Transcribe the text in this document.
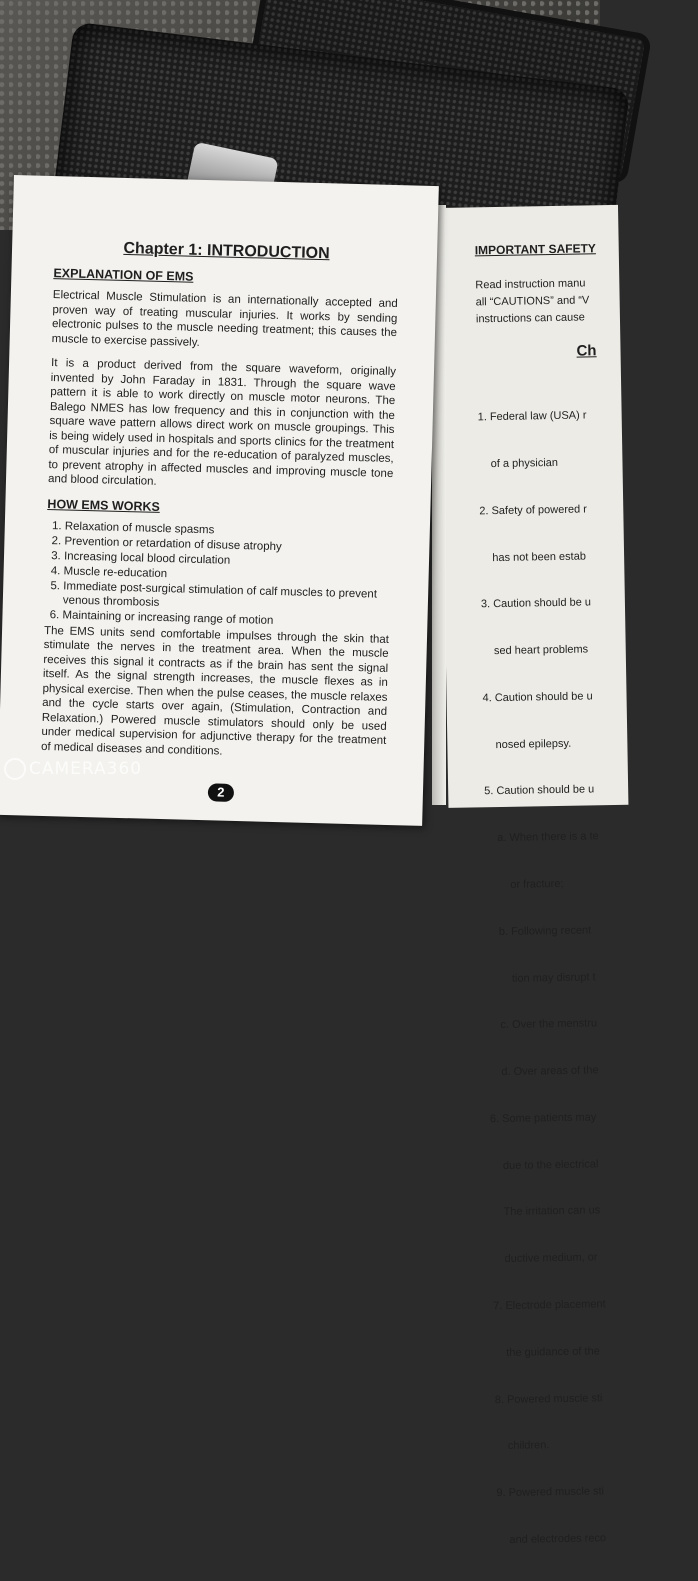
IMPORTANT SAFETY
Read instruction manu
all “CAUTIONS” and “V
instructions can cause
Ch

1. Federal law (USA) r

of a physician

2. Safety of powered r

has not been estab

3. Caution should be u

sed heart problems

4. Caution should be u

nosed epilepsy.

5. Caution should be u

a. When there is a te

or fracture;

b. Following recent

tion may disrupt t

c. Over the menstru

d. Over areas of the

6. Some patients may

due to the electrical

The irritation can us

ductive medium, or

7. Electrode placement

the guidance of the

8. Powered muscle sti

children.

9. Powered muscle sti

and electrodes reco

Chapter 1: INTRODUCTION
EXPLANATION OF EMS

Electrical Muscle Stimulation is an internationally accepted and proven way of treating muscular injuries. It works by sending electronic pulses to the muscle needing treatment; this causes the muscle to exercise passively.

It is a product derived from the square waveform, originally invented by John Faraday in 1831. Through the square wave pattern it is able to work directly on muscle motor neurons. The Balego NMES has low frequency and this in conjunction with the square wave pattern allows direct work on muscle groupings. This is being widely used in hospitals and sports clinics for the treatment of muscular injuries and for the re-education of paralyzed muscles, to prevent atrophy in affected muscles and improving muscle tone and blood circulation.

HOW EMS WORKS
1. Relaxation of muscle spasms
2. Prevention or retardation of disuse atrophy
3. Increasing local blood circulation
4. Muscle re-education
5. Immediate post-surgical stimulation of calf muscles to prevent venous thrombosis
6. Maintaining or increasing range of motion

The EMS units send comfortable impulses through the skin that stimulate the nerves in the treatment area. When the muscle receives this signal it contracts as if the brain has sent the signal itself. As the signal strength increases, the muscle flexes as in physical exercise. Then when the pulse ceases, the muscle relaxes and the cycle starts over again, (Stimulation, Contraction and Relaxation.) Powered muscle stimulators should only be used under medical supervision for adjunctive therapy for the treatment of medical diseases and conditions.

2
CAMERA360
